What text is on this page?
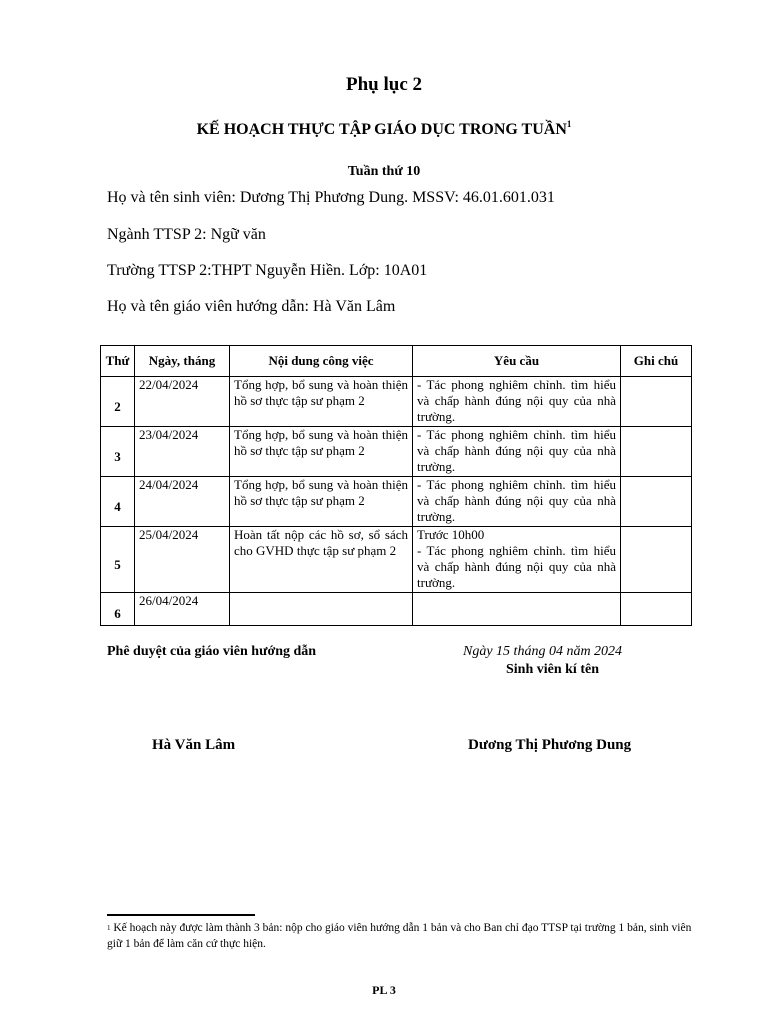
Phụ lục 2
KẾ HOẠCH THỰC TẬP GIÁO DỤC TRONG TUẦN$^1$
Tuần thứ 10
Họ và tên sinh viên: Dương Thị Phương Dung. MSSV: 46.01.601.031
Ngành TTSP 2: Ngữ văn
Trường TTSP 2:THPT Nguyễn Hiền. Lớp: 10A01
Họ và tên giáo viên hướng dẫn: Hà Văn Lâm
Thứ	Ngày, tháng	Nội dung công việc	Yêu cầu	Ghi chú
2	22/04/2024	Tổng hợp, bổ sung và hoàn thiện hồ sơ thực tập sư phạm 2	- Tác phong nghiêm chỉnh. tìm hiểu và chấp hành đúng nội quy của nhà trường.	

3	23/04/2024	Tổng hợp, bổ sung và hoàn thiện hồ sơ thực tập sư phạm 2	- Tác phong nghiêm chỉnh. tìm hiểu và chấp hành đúng nội quy của nhà trường.	

4	24/04/2024	Tổng hợp, bổ sung và hoàn thiện hồ sơ thực tập sư phạm 2	- Tác phong nghiêm chỉnh. tìm hiểu và chấp hành đúng nội quy của nhà trường.	

5	25/04/2024	Hoàn tất nộp các hồ sơ, sổ sách cho GVHD thực tập sư phạm 2	Trước 10h00
- Tác phong nghiêm chỉnh. tìm hiểu và chấp hành đúng nội quy của nhà trường.	

6	26/04/2024		

Phê duyệt của giáo viên hướng dẫn	Ngày 15 tháng 04 năm 2024
Sinh viên kí tên
Hà Văn Lâm	Dương Thị Phương Dung
$^1$ Kế hoạch này được làm thành 3 bản: nộp cho giáo viên hướng dẫn 1 bản và cho Ban chỉ đạo TTSP tại trường 1 bản, sinh viên giữ 1 bản để làm căn cứ thực hiện.
PL 3
